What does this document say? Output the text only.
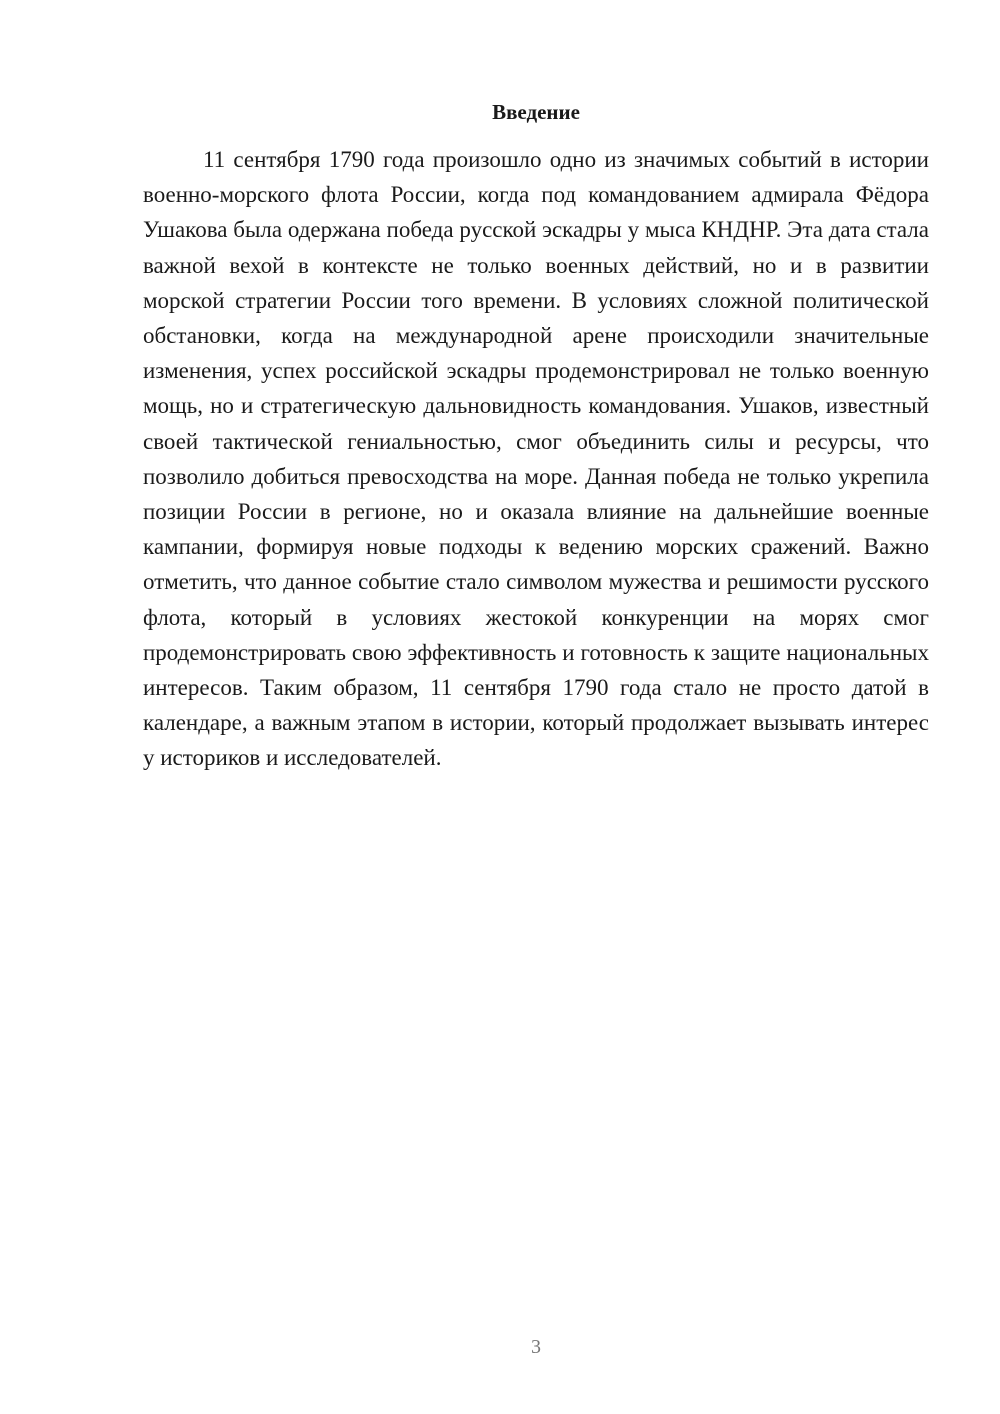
Введение

11 сентября 1790 года произошло одно из значимых событий в истории военно-морского флота России, когда под командованием адмирала Фёдора Ушакова была одержана победа русской эскадры у мыса КНДНР. Эта дата стала важной вехой в контексте не только военных действий, но и в развитии морской стратегии России того времени. В условиях сложной политической обстановки, когда на международной арене происходили значительные изменения, успех российской эскадры продемонстрировал не только военную мощь, но и стратегическую дальновидность командования. Ушаков, известный своей тактической гениальностью, смог объединить силы и ресурсы, что позволило добиться превосходства на море. Данная победа не только укрепила позиции России в регионе, но и оказала влияние на дальнейшие военные кампании, формируя новые подходы к ведению морских сражений. Важно отметить, что данное событие стало символом мужества и решимости русского флота, который в условиях жестокой конкуренции на морях смог продемонстрировать свою эффективность и готовность к защите национальных интересов. Таким образом, 11 сентября 1790 года стало не просто датой в календаре, а важным этапом в истории, который продолжает вызывать интерес у историков и исследователей.

3
